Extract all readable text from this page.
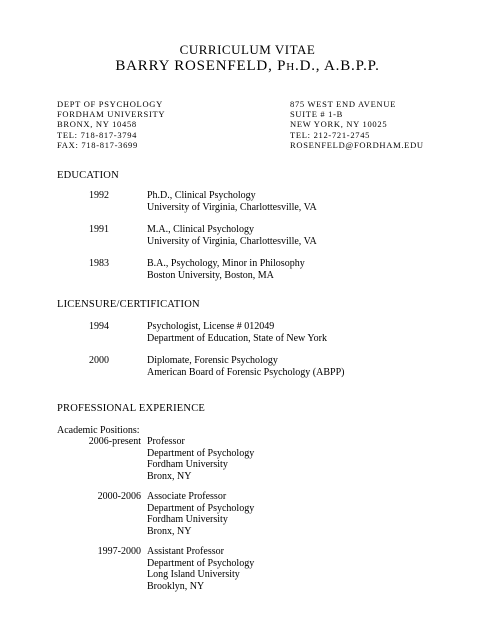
CURRICULUM VITAE
BARRY ROSENFELD, Ph.D., A.B.P.P.
DEPT OF PSYCHOLOGY
FORDHAM UNIVERSITY
BRONX, NY 10458
TEL: 718-817-3794
FAX: 718-817-3699
875 WEST END AVENUE
SUITE # 1-B
NEW YORK, NY 10025
TEL: 212-721-2745
ROSENFELD@FORDHAM.EDU
EDUCATION
1992	Ph.D., Clinical Psychology
University of Virginia, Charlottesville, VA
1991	M.A., Clinical Psychology
University of Virginia, Charlottesville, VA
1983	B.A., Psychology, Minor in Philosophy
Boston University, Boston, MA
LICENSURE/CERTIFICATION
1994	Psychologist, License # 012049
Department of Education, State of New York
2000	Diplomate, Forensic Psychology
American Board of Forensic Psychology (ABPP)
PROFESSIONAL EXPERIENCE
Academic Positions:
2006-present Professor
Department of Psychology
Fordham University
Bronx, NY
2000-2006 Associate Professor
Department of Psychology
Fordham University
Bronx, NY
1997-2000 Assistant Professor
Department of Psychology
Long Island University
Brooklyn, NY
